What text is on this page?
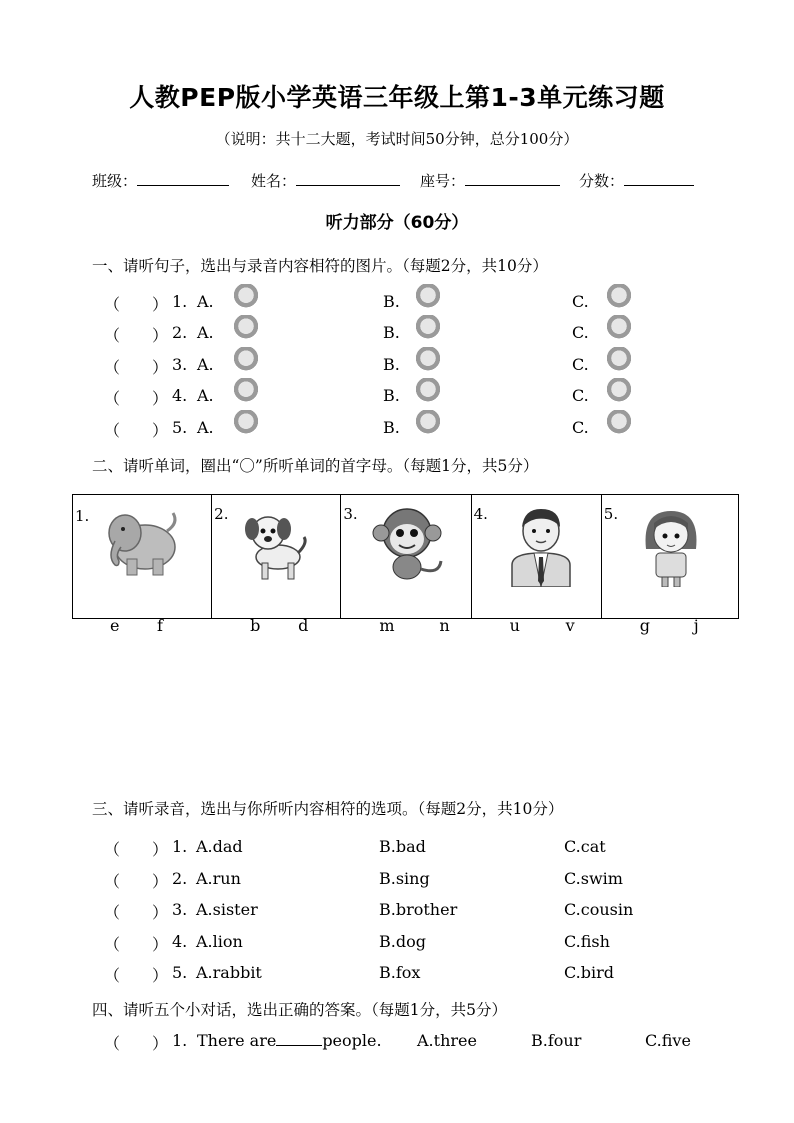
人教PEP版小学英语三年级上第1-3单元练习题
（说明：共十二大题，考试时间50分钟，总分100分）
班级：	姓名：	座号：	分数：
听力部分（60分）
一、请听句子，选出与录音内容相符的图片。（每题2分，共10分）
（　　） 1. A.	B.	C.
（　　） 2. A.	B.	C.
（　　） 3. A.	B.	C.
（　　） 4. A.	B.	C.
（　　） 5. A.	B.	C.
二、请听单词，圈出“〇”所听单词的首字母。（每题1分，共5分）
1.
e f

2.
b d

3.
m	n

4.
u	v

5.
g	j
三、请听录音，选出与你所听内容相符的选项。（每题2分，共10分）
（　　） 1. A.dad	B.bad	C.cat
（　　） 2. A.run	B.sing	C.swim
（　　） 3. A.sister	B.brother	C.cousin
（　　） 4. A.lion	B.dog	C.fish
（　　） 5. A.rabbit	B.fox	C.bird
四、请听五个小对话，选出正确的答案。（每题1分，共5分）
（　　） 1. There are	people. A.three	B.four	C.five
